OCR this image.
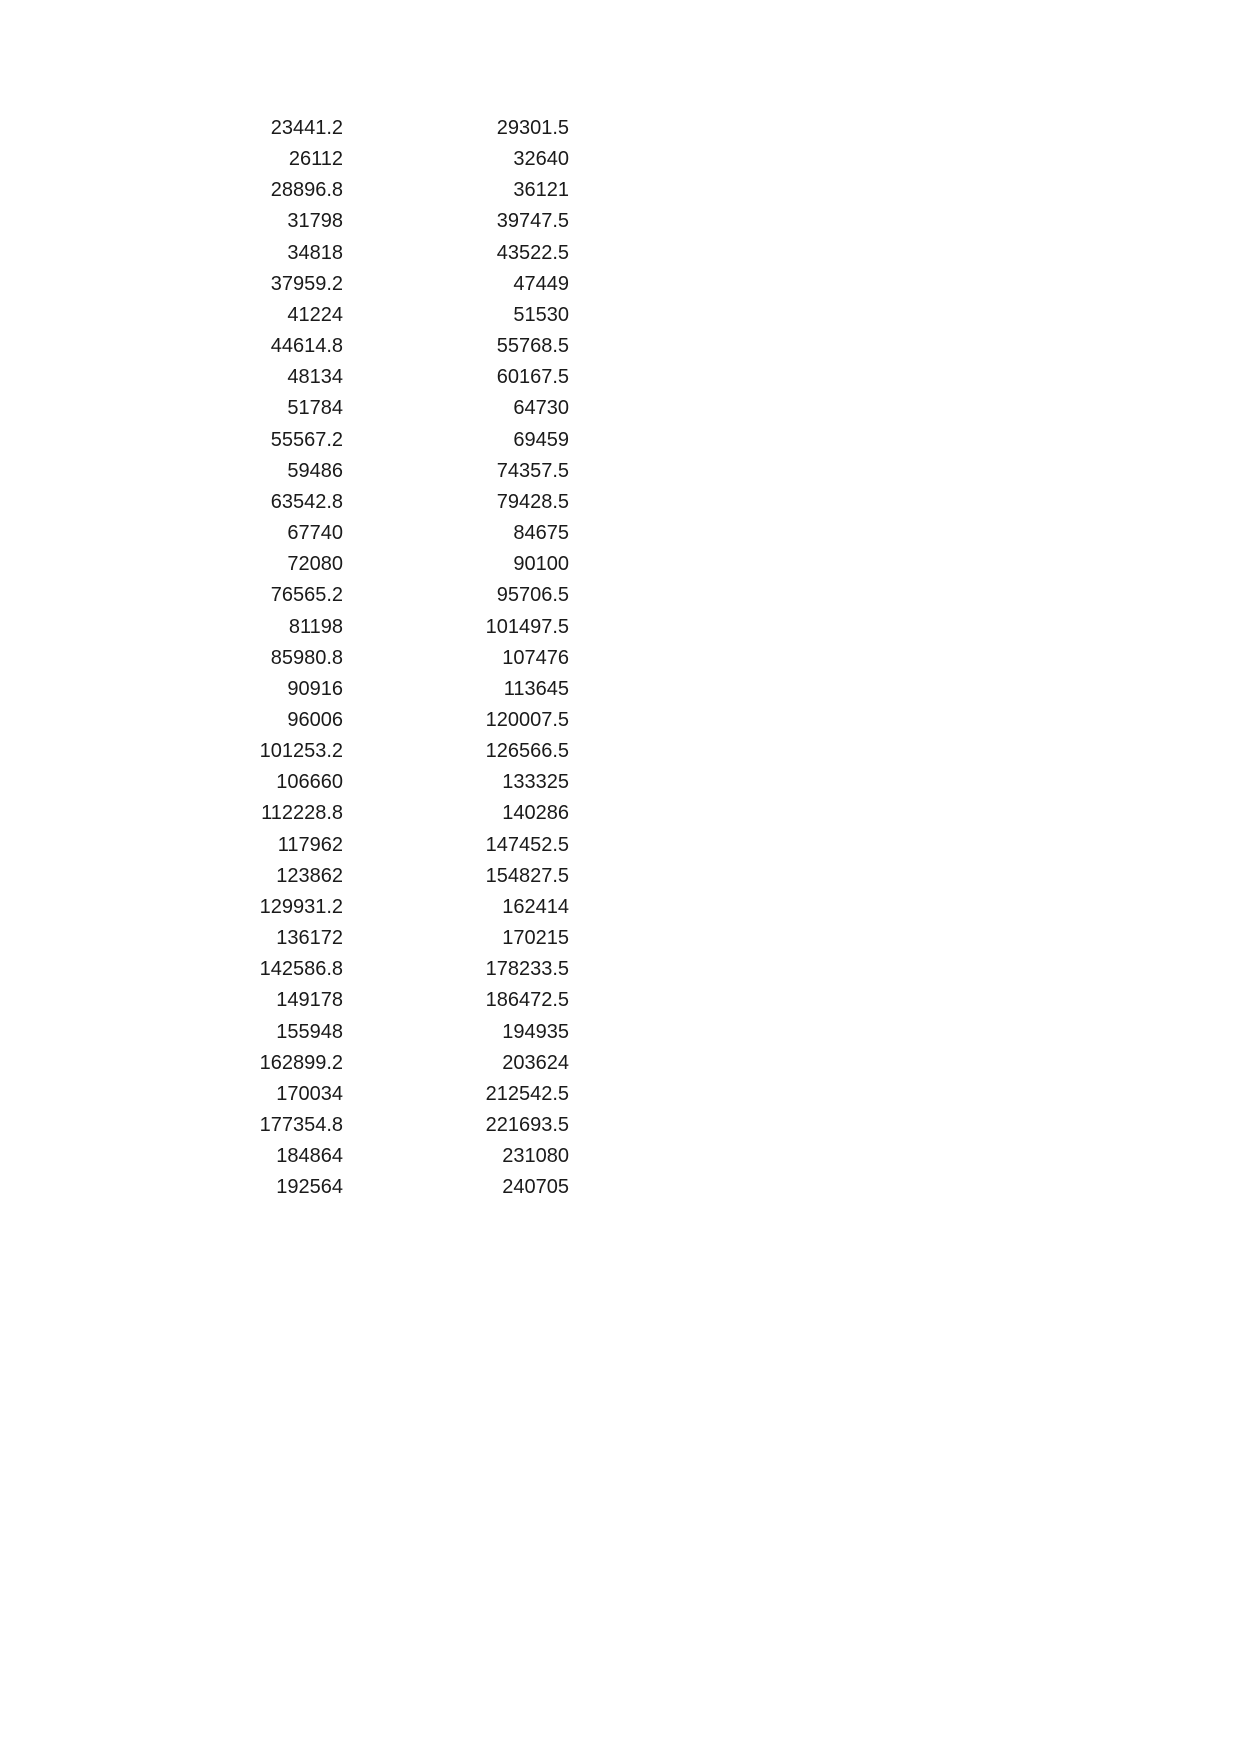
23441.2	29301.5
26112	32640
28896.8	36121
31798	39747.5
34818	43522.5
37959.2	47449
41224	51530
44614.8	55768.5
48134	60167.5
51784	64730
55567.2	69459
59486	74357.5
63542.8	79428.5
67740	84675
72080	90100
76565.2	95706.5
81198	101497.5
85980.8	107476
90916	113645
96006	120007.5
101253.2	126566.5
106660	133325
112228.8	140286
117962	147452.5
123862	154827.5
129931.2	162414
136172	170215
142586.8	178233.5
149178	186472.5
155948	194935
162899.2	203624
170034	212542.5
177354.8	221693.5
184864	231080
192564	240705
